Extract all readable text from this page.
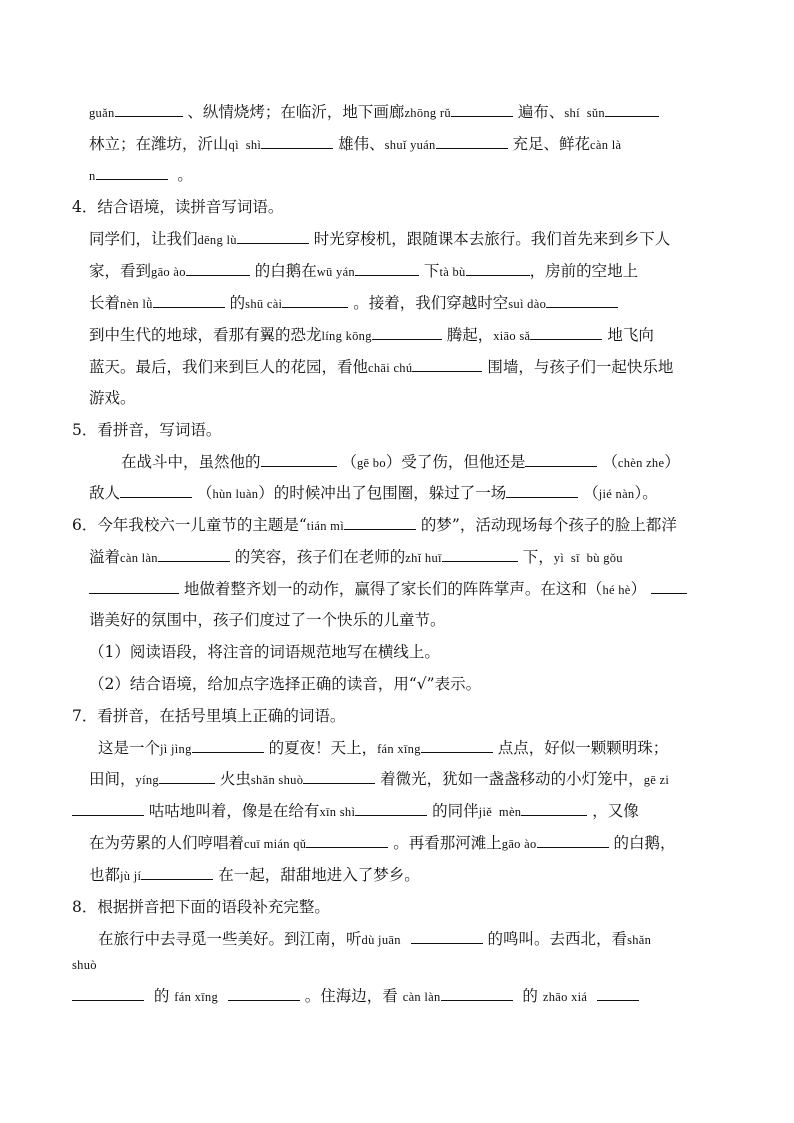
guǎn	、纵情烧烤；在临沂，地下画廊zhōng rǔ	遍布、shí  sǔn
林立；在潍坊，沂山qì  shì	雄伟、shuǐ yuán	充足、鲜花càn là
n	。
4．结合语境，读拼音写词语。
同学们，让我们dēng lù	时光穿梭机，跟随课本去旅行。我们首先来到乡下人
家，看到gāo ào	的白鹅在wū yán	下tà bù	，房前的空地上
长着nèn lǜ	的shū cài	。接着，我们穿越时空suì dào
到中生代的地球，看那有翼的恐龙líng kōng	腾起，xiāo sǎ	地飞向
蓝天。最后，我们来到巨人的花园，看他chāi chú	围墙，与孩子们一起快乐地
游戏。
5．看拼音，写词语。
在战斗中，虽然他的	（gē bo）受了伤，但他还是	（chèn zhe）
敌人	（hùn luàn）的时候冲出了包围圈，躲过了一场	（jié nàn）。
6．今年我校六一儿童节的主题是“tián mì	的梦”，活动现场每个孩子的脸上都洋
溢着càn làn	的笑容，孩子们在老师的zhǐ huī	下，yì  sī  bù gǒu
地做着整齐划一的动作，赢得了家长们的阵阵掌声。在这和（hé hè）
谐美好的氛围中，孩子们度过了一个快乐的儿童节。
（1）阅读语段，将注音的词语规范地写在横线上。
（2）结合语境，给加点字选择正确的读音，用“√”表示。
7．看拼音，在括号里填上正确的词语。
这是一个jì jìng	的夏夜！天上，fán xīng	点点，好似一颗颗明珠；
田间，yíng	火虫shǎn shuò	着微光，犹如一盏盏移动的小灯笼中，gē zi
咕咕地叫着，像是在给有xīn shì	的同伴jiě  mèn	，又像
在为劳累的人们哼唱着cuī mián qǔ	。再看那河滩上gāo ào	的白鹅，
也都jù jí	在一起，甜甜地进入了梦乡。
8．根据拼音把下面的语段补充完整。
在旅行中去寻觅一些美好。到江南，听dù juān	的鸣叫。去西北，看shǎn
shuò
的 fán xīng	。住海边，看 càn làn	的 zhāo xiá
